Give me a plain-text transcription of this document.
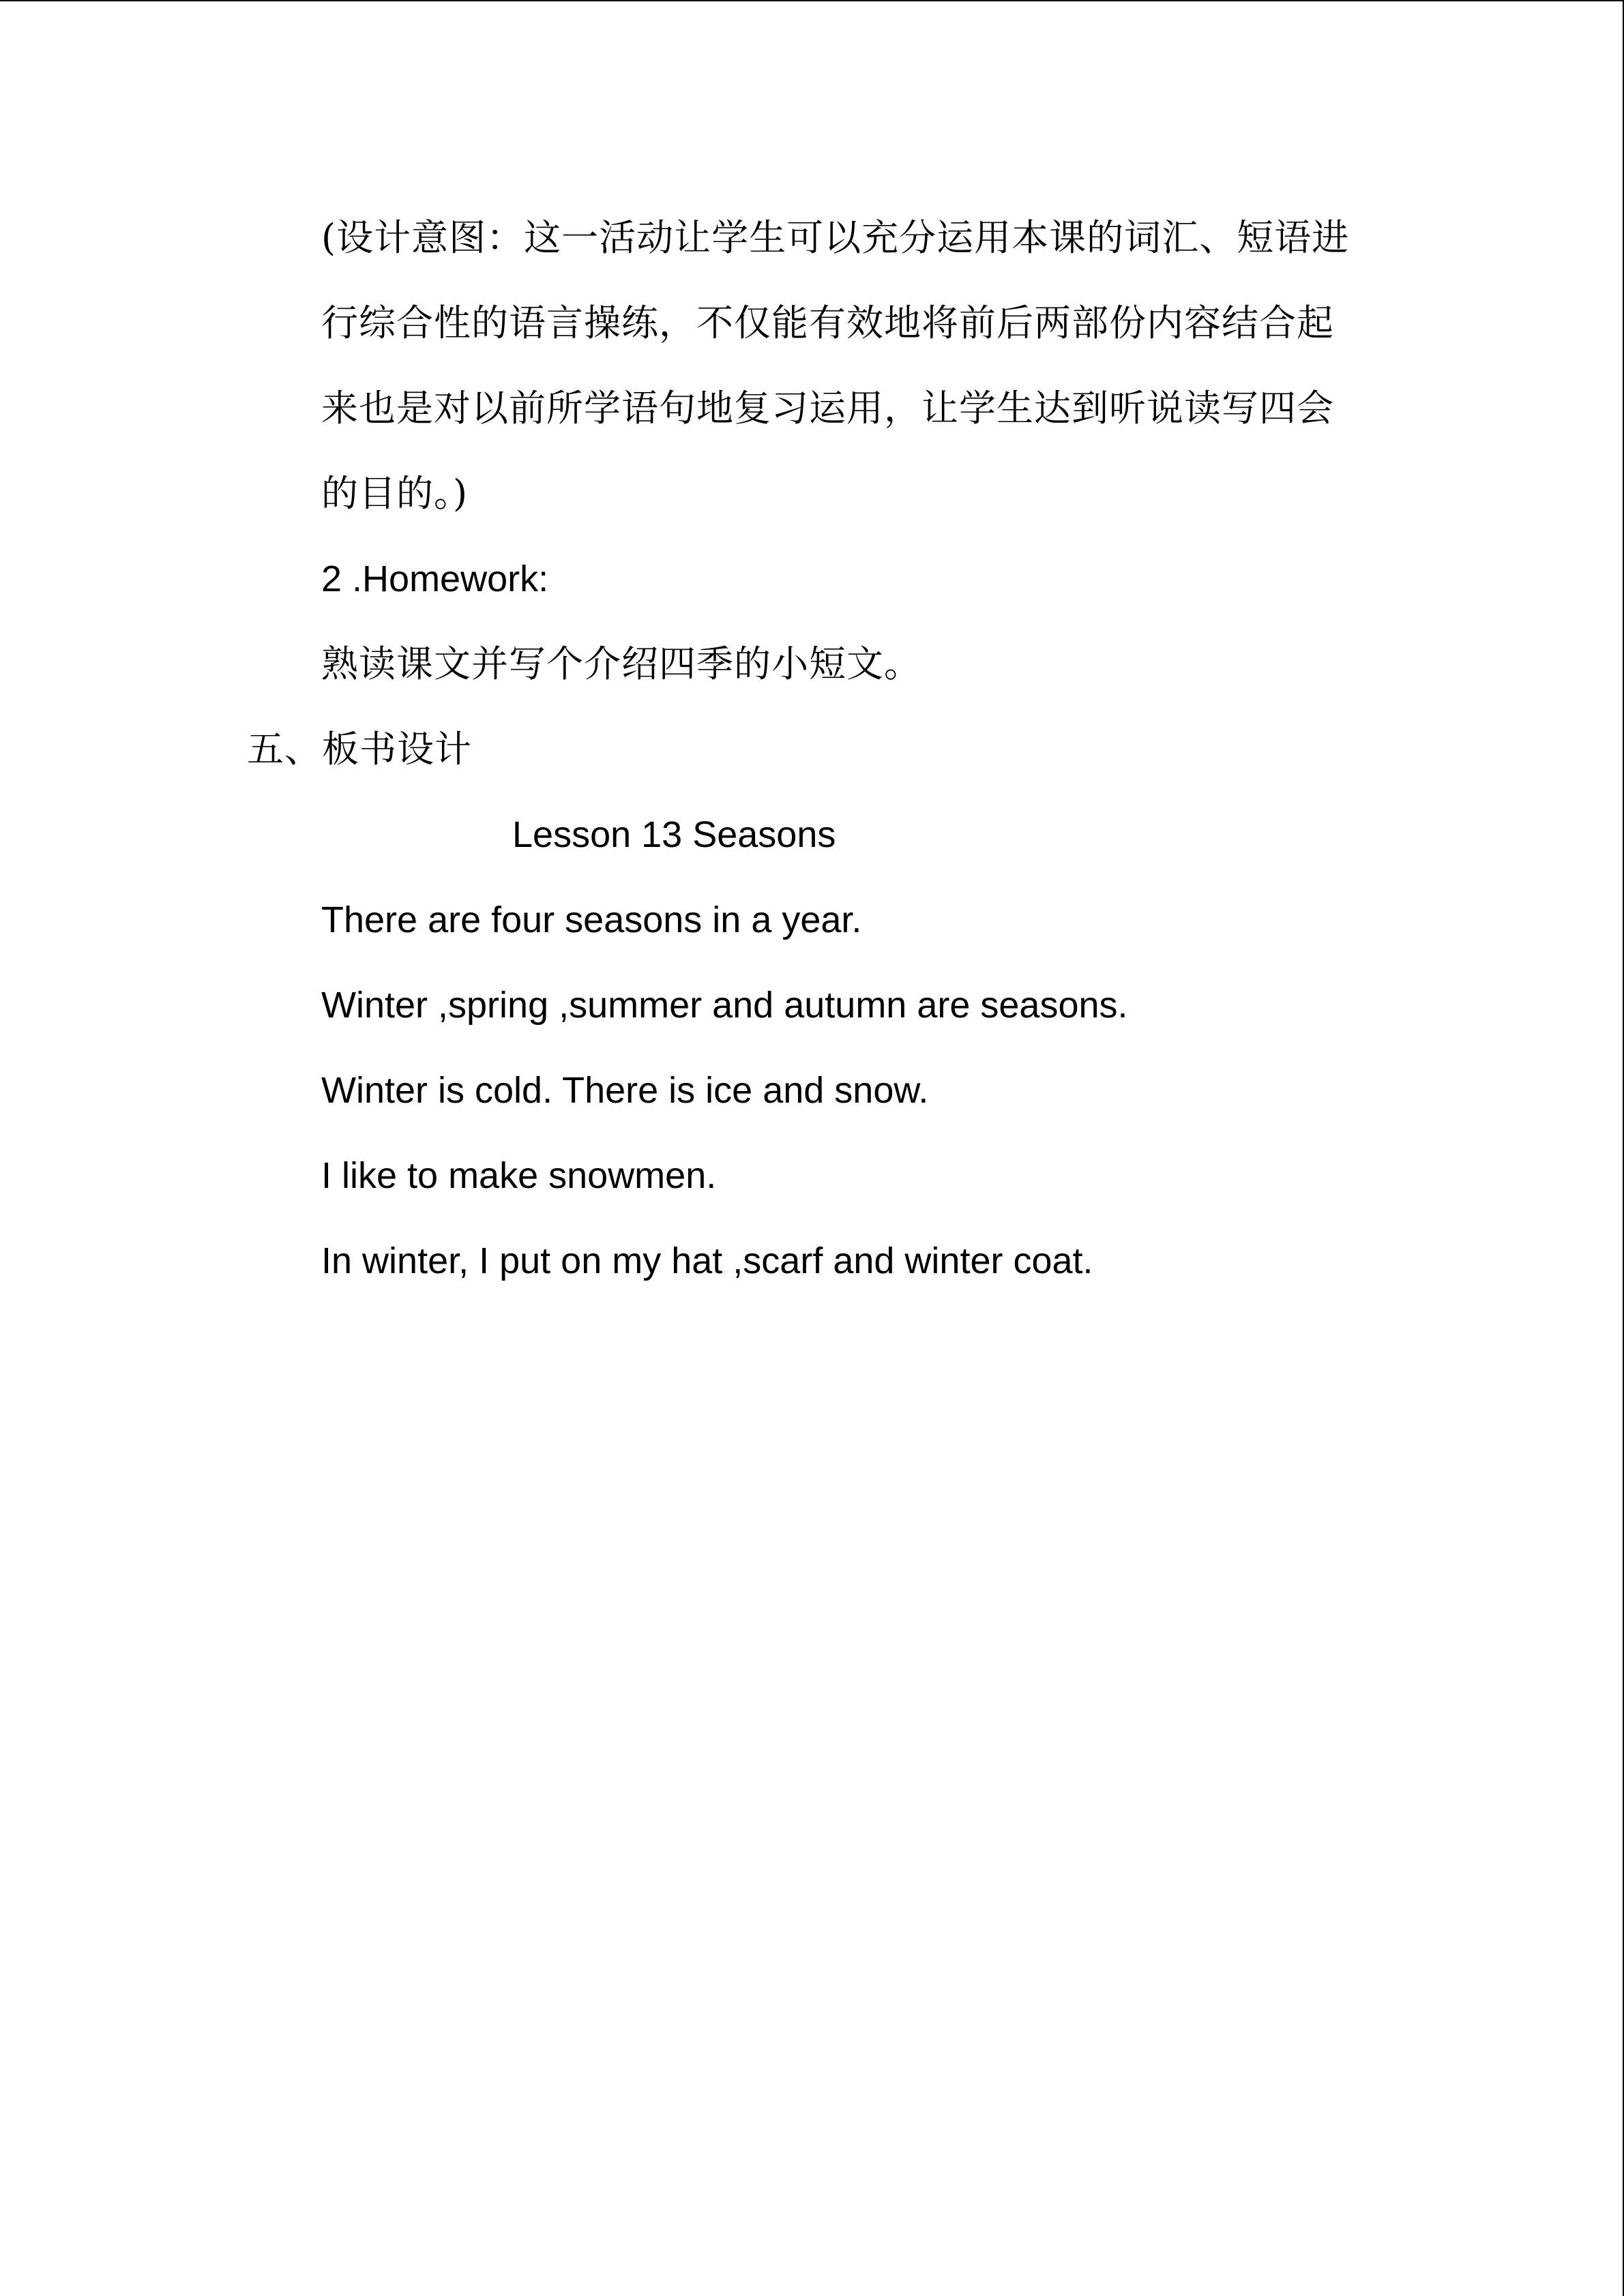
(设计意图：这一活动让学生可以充分运用本课的词汇、短语进
行综合性的语言操练，不仅能有效地将前后两部份内容结合起
来也是对以前所学语句地复习运用，让学生达到听说读写四会
的目的。)
2 .Homework:
熟读课文并写个介绍四季的小短文。
五、板书设计
Lesson 13 Seasons
There are four seasons in a year.
Winter ,spring ,summer and autumn are seasons.
Winter is cold. There is ice and snow.
I like to make snowmen.
In winter, I put on my hat ,scarf and winter coat.
